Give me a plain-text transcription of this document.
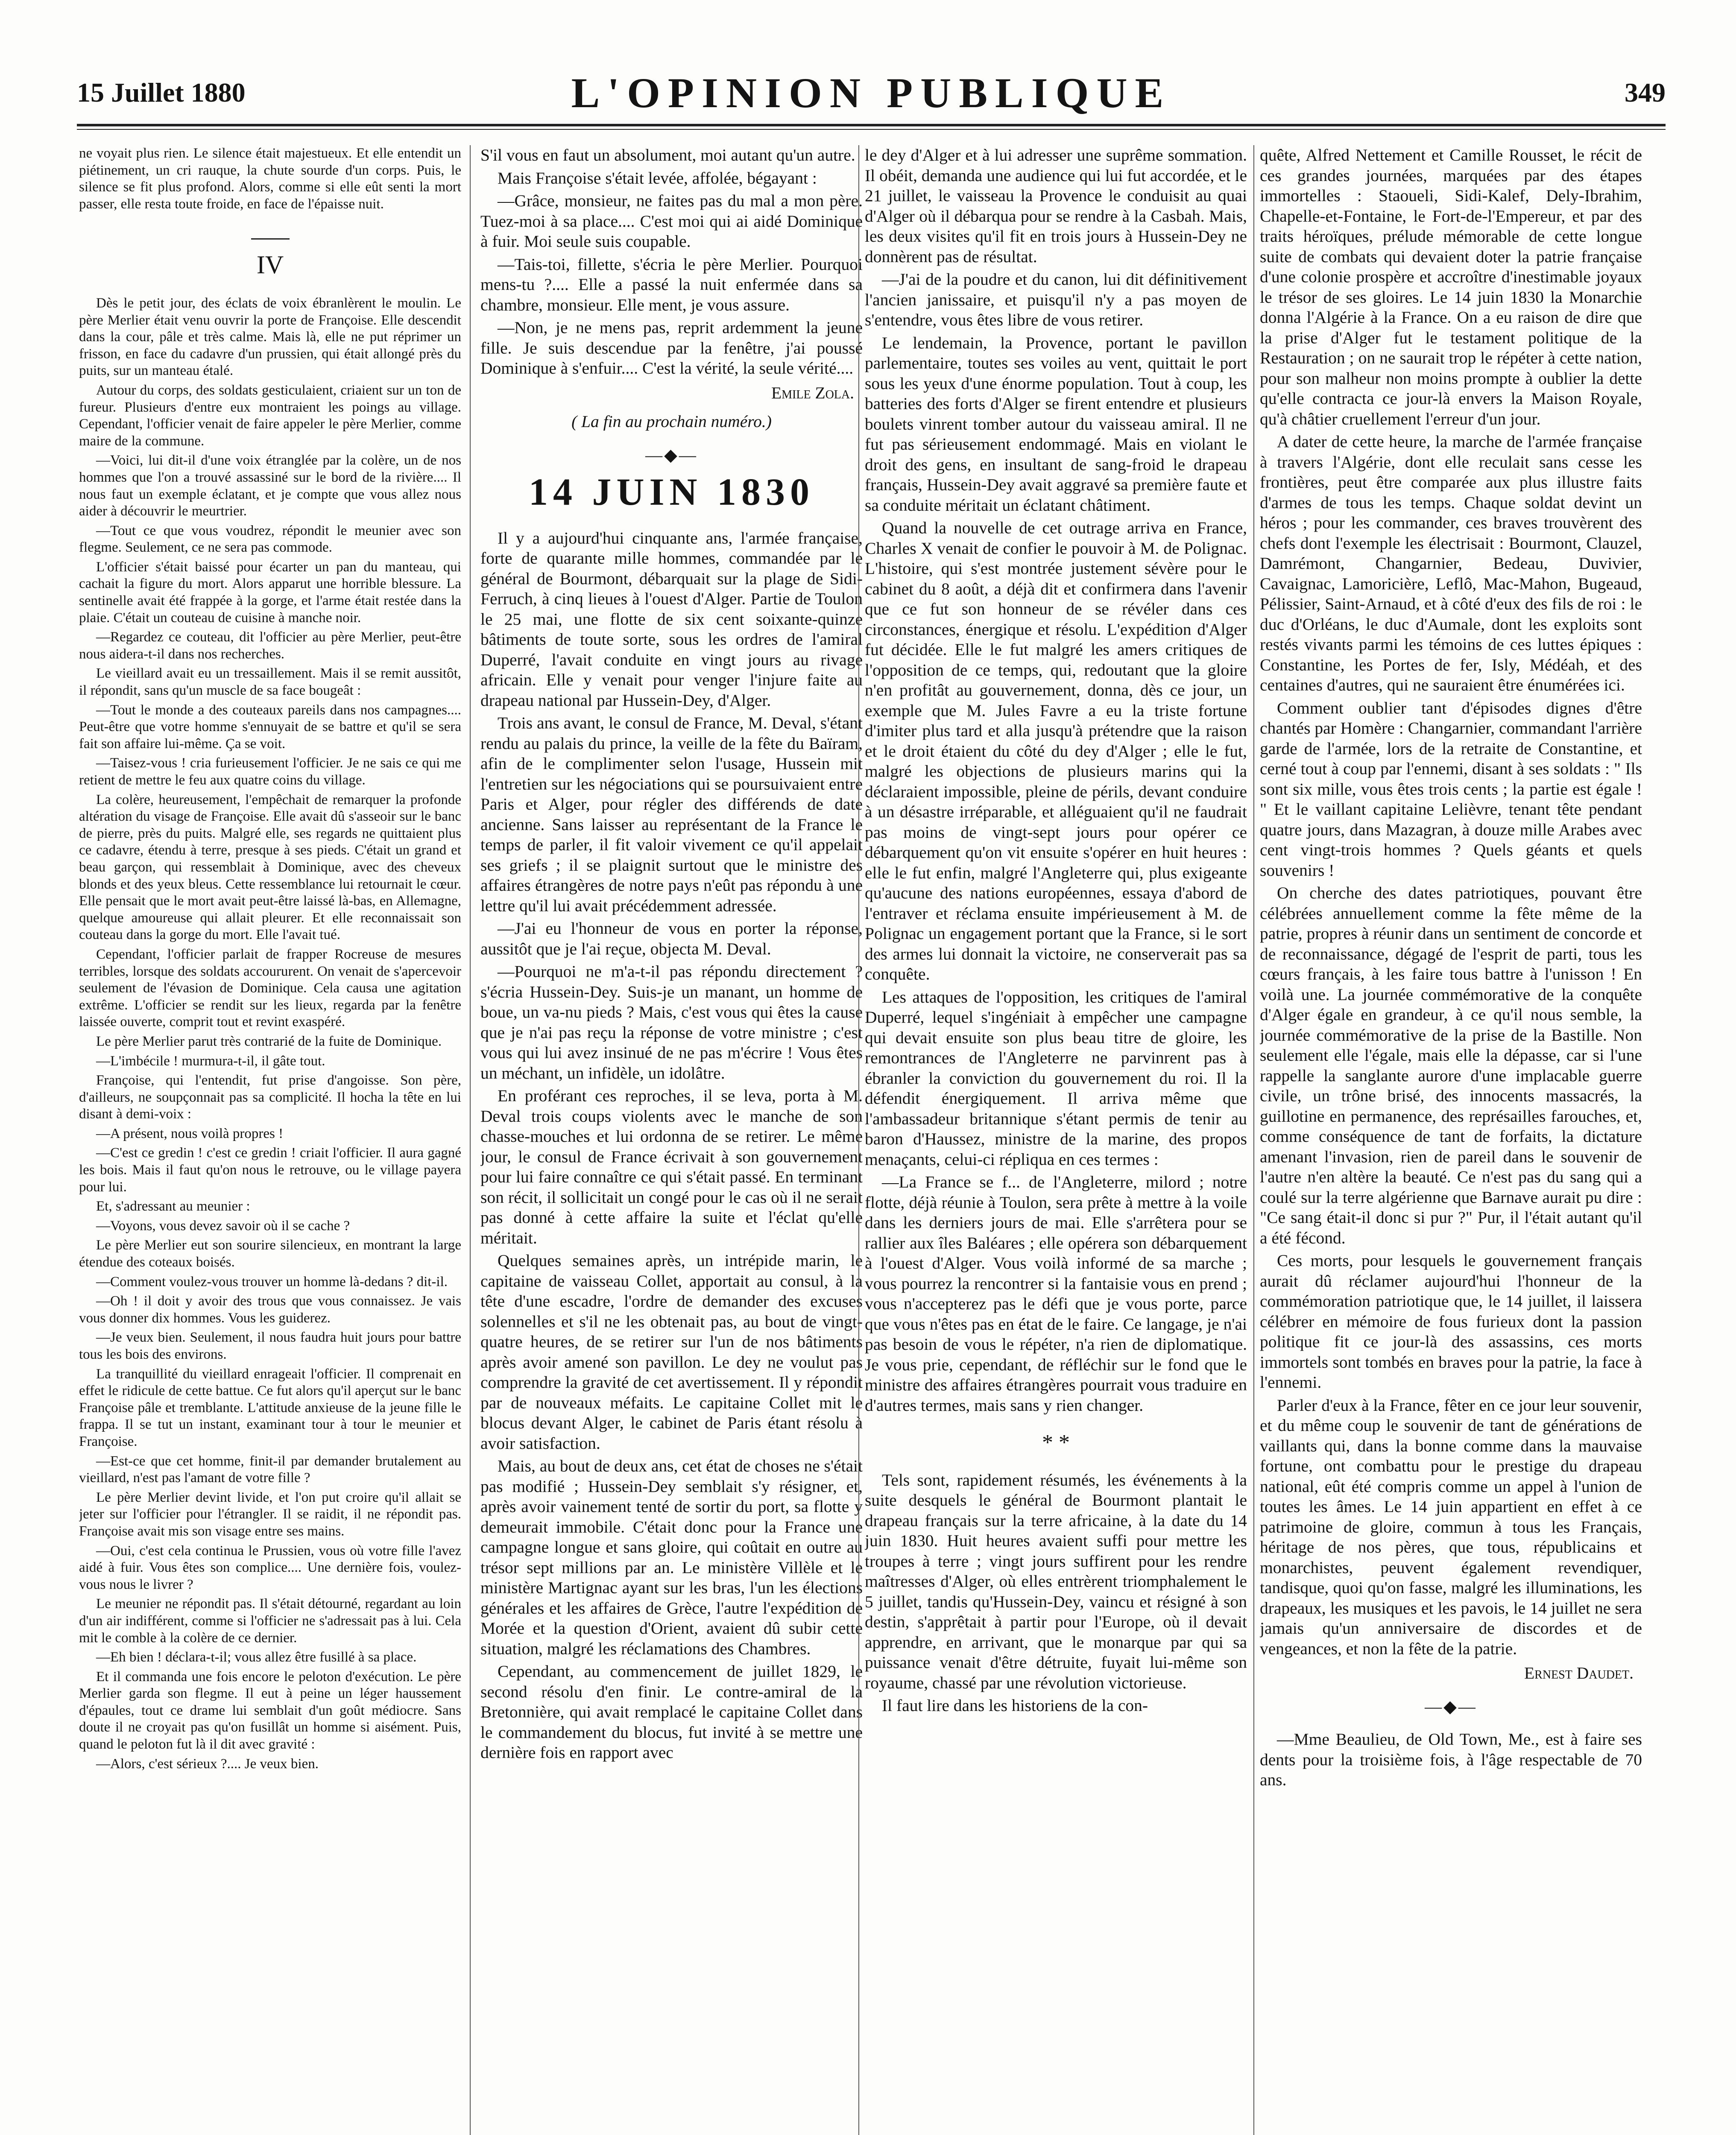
15 Juillet 1880	L'OPINION PUBLIQUE	349

ne voyait plus rien. Le silence était majestueux. Et elle entendit un piétinement, un cri rauque, la chute sourde d'un corps. Puis, le silence se fit plus profond. Alors, comme si elle eût senti la mort passer, elle resta toute froide, en face de l'épaisse nuit.

IV

Dès le petit jour, des éclats de voix ébranlèrent le moulin. Le père Merlier était venu ouvrir la porte de Françoise. Elle descendit dans la cour, pâle et très calme. Mais là, elle ne put réprimer un frisson, en face du cadavre d'un prussien, qui était allongé près du puits, sur un manteau étalé.

Autour du corps, des soldats gesticulaient, criaient sur un ton de fureur. Plusieurs d'entre eux montraient les poings au village. Cependant, l'officier venait de faire appeler le père Merlier, comme maire de la commune.

—Voici, lui dit-il d'une voix étranglée par la colère, un de nos hommes que l'on a trouvé assassiné sur le bord de la rivière.... Il nous faut un exemple éclatant, et je compte que vous allez nous aider à découvrir le meurtrier.

—Tout ce que vous voudrez, répondit le meunier avec son flegme. Seulement, ce ne sera pas commode.

L'officier s'était baissé pour écarter un pan du manteau, qui cachait la figure du mort. Alors apparut une horrible blessure. La sentinelle avait été frappée à la gorge, et l'arme était restée dans la plaie. C'était un couteau de cuisine à manche noir.

—Regardez ce couteau, dit l'officier au père Merlier, peut-être nous aidera-t-il dans nos recherches.

Le vieillard avait eu un tressaillement. Mais il se remit aussitôt, il répondit, sans qu'un muscle de sa face bougeât :

—Tout le monde a des couteaux pareils dans nos campagnes.... Peut-être que votre homme s'ennuyait de se battre et qu'il se sera fait son affaire lui-même. Ça se voit.

—Taisez-vous ! cria furieusement l'officier. Je ne sais ce qui me retient de mettre le feu aux quatre coins du village.

La colère, heureusement, l'empêchait de remarquer la profonde altération du visage de Françoise. Elle avait dû s'asseoir sur le banc de pierre, près du puits. Malgré elle, ses regards ne quittaient plus ce cadavre, étendu à terre, presque à ses pieds. C'était un grand et beau garçon, qui ressemblait à Dominique, avec des cheveux blonds et des yeux bleus. Cette ressemblance lui retournait le cœur. Elle pensait que le mort avait peut-être laissé là-bas, en Allemagne, quelque amoureuse qui allait pleurer. Et elle reconnaissait son couteau dans la gorge du mort. Elle l'avait tué.

Cependant, l'officier parlait de frapper Rocreuse de mesures terribles, lorsque des soldats accoururent. On venait de s'apercevoir seulement de l'évasion de Dominique. Cela causa une agitation extrême. L'officier se rendit sur les lieux, regarda par la fenêtre laissée ouverte, comprit tout et revint exaspéré.

Le père Merlier parut très contrarié de la fuite de Dominique.

—L'imbécile ! murmura-t-il, il gâte tout.

Françoise, qui l'entendit, fut prise d'angoisse. Son père, d'ailleurs, ne soupçonnait pas sa complicité. Il hocha la tête en lui disant à demi-voix :

—A présent, nous voilà propres !

—C'est ce gredin ! c'est ce gredin ! criait l'officier. Il aura gagné les bois. Mais il faut qu'on nous le retrouve, ou le village payera pour lui.

Et, s'adressant au meunier :

—Voyons, vous devez savoir où il se cache ?

Le père Merlier eut son sourire silencieux, en montrant la large étendue des coteaux boisés.

—Comment voulez-vous trouver un homme là-dedans ? dit-il.

—Oh ! il doit y avoir des trous que vous connaissez. Je vais vous donner dix hommes. Vous les guiderez.

—Je veux bien. Seulement, il nous faudra huit jours pour battre tous les bois des environs.

La tranquillité du vieillard enrageait l'officier. Il comprenait en effet le ridicule de cette battue. Ce fut alors qu'il aperçut sur le banc Françoise pâle et tremblante. L'attitude anxieuse de la jeune fille le frappa. Il se tut un instant, examinant tour à tour le meunier et Françoise.

—Est-ce que cet homme, finit-il par demander brutalement au vieillard, n'est pas l'amant de votre fille ?

Le père Merlier devint livide, et l'on put croire qu'il allait se jeter sur l'officier pour l'étrangler. Il se raidit, il ne répondit pas. Françoise avait mis son visage entre ses mains.

—Oui, c'est cela continua le Prussien, vous où votre fille l'avez aidé à fuir. Vous êtes son complice.... Une dernière fois, voulez-vous nous le livrer ?

Le meunier ne répondit pas. Il s'était détourné, regardant au loin d'un air indifférent, comme si l'officier ne s'adressait pas à lui. Cela mit le comble à la colère de ce dernier.

—Eh bien ! déclara-t-il; vous allez être fusillé à sa place.

Et il commanda une fois encore le peloton d'exécution. Le père Merlier garda son flegme. Il eut à peine un léger haussement d'épaules, tout ce drame lui semblait d'un goût médiocre. Sans doute il ne croyait pas qu'on fusillât un homme si aisément. Puis, quand le peloton fut là il dit avec gravité :

—Alors, c'est sérieux ?.... Je veux bien.

S'il vous en faut un absolument, moi autant qu'un autre.

Mais Françoise s'était levée, affolée, bégayant :

—Grâce, monsieur, ne faites pas du mal a mon père. Tuez-moi à sa place.... C'est moi qui ai aidé Dominique à fuir. Moi seule suis coupable.

—Tais-toi, fillette, s'écria le père Merlier. Pourquoi mens-tu ?.... Elle a passé la nuit enfermée dans sa chambre, monsieur. Elle ment, je vous assure.

—Non, je ne mens pas, reprit ardemment la jeune fille. Je suis descendue par la fenêtre, j'ai poussé Dominique à s'enfuir.... C'est la vérité, la seule vérité....

Emile Zola.
( La fin au prochain numéro.)
—◆—
14 JUIN 1830

Il y a aujourd'hui cinquante ans, l'armée française, forte de quarante mille hommes, commandée par le général de Bourmont, débarquait sur la plage de Sidi-Ferruch, à cinq lieues à l'ouest d'Alger. Partie de Toulon le 25 mai, une flotte de six cent soixante-quinze bâtiments de toute sorte, sous les ordres de l'amiral Duperré, l'avait conduite en vingt jours au rivage africain. Elle y venait pour venger l'injure faite au drapeau national par Hussein-Dey, d'Alger.

Trois ans avant, le consul de France, M. Deval, s'étant rendu au palais du prince, la veille de la fête du Baïram, afin de le complimenter selon l'usage, Hussein mit l'entretien sur les négociations qui se poursuivaient entre Paris et Alger, pour régler des différends de date ancienne. Sans laisser au représentant de la France le temps de parler, il fit valoir vivement ce qu'il appelait ses griefs ; il se plaignit surtout que le ministre des affaires étrangères de notre pays n'eût pas répondu à une lettre qu'il lui avait précédemment adressée.

—J'ai eu l'honneur de vous en porter la réponse, aussitôt que je l'ai reçue, objecta M. Deval.

—Pourquoi ne m'a-t-il pas répondu directement ? s'écria Hussein-Dey. Suis-je un manant, un homme de boue, un va-nu pieds ? Mais, c'est vous qui êtes la cause que je n'ai pas reçu la réponse de votre ministre ; c'est vous qui lui avez insinué de ne pas m'écrire ! Vous êtes un méchant, un infidèle, un idolâtre.

En proférant ces reproches, il se leva, porta à M. Deval trois coups violents avec le manche de son chasse-mouches et lui ordonna de se retirer. Le même jour, le consul de France écrivait à son gouvernement pour lui faire connaître ce qui s'était passé. En terminant son récit, il sollicitait un congé pour le cas où il ne serait pas donné à cette affaire la suite et l'éclat qu'elle méritait.

Quelques semaines après, un intrépide marin, le capitaine de vaisseau Collet, apportait au consul, à la tête d'une escadre, l'ordre de demander des excuses solennelles et s'il ne les obtenait pas, au bout de vingt-quatre heures, de se retirer sur l'un de nos bâtiments après avoir amené son pavillon. Le dey ne voulut pas comprendre la gravité de cet avertissement. Il y répondit par de nouveaux méfaits. Le capitaine Collet mit le blocus devant Alger, le cabinet de Paris étant résolu à avoir satisfaction.

Mais, au bout de deux ans, cet état de choses ne s'était pas modifié ; Hussein-Dey semblait s'y résigner, et, après avoir vainement tenté de sortir du port, sa flotte y demeurait immobile. C'était donc pour la France une campagne longue et sans gloire, qui coûtait en outre au trésor sept millions par an. Le ministère Villèle et le ministère Martignac ayant sur les bras, l'un les élections générales et les affaires de Grèce, l'autre l'expédition de Morée et la question d'Orient, avaient dû subir cette situation, malgré les réclamations des Chambres.

Cependant, au commencement de juillet 1829, le second résolu d'en finir. Le contre-amiral de la Bretonnière, qui avait remplacé le capitaine Collet dans le commandement du blocus, fut invité à se mettre une dernière fois en rapport avec

le dey d'Alger et à lui adresser une suprême sommation. Il obéit, demanda une audience qui lui fut accordée, et le 21 juillet, le vaisseau la Provence le conduisit au quai d'Alger où il débarqua pour se rendre à la Casbah. Mais, les deux visites qu'il fit en trois jours à Hussein-Dey ne donnèrent pas de résultat.

—J'ai de la poudre et du canon, lui dit définitivement l'ancien janissaire, et puisqu'il n'y a pas moyen de s'entendre, vous êtes libre de vous retirer.

Le lendemain, la Provence, portant le pavillon parlementaire, toutes ses voiles au vent, quittait le port sous les yeux d'une énorme population. Tout à coup, les batteries des forts d'Alger se firent entendre et plusieurs boulets vinrent tomber autour du vaisseau amiral. Il ne fut pas sérieusement endommagé. Mais en violant le droit des gens, en insultant de sang-froid le drapeau français, Hussein-Dey avait aggravé sa première faute et sa conduite méritait un éclatant châtiment.

Quand la nouvelle de cet outrage arriva en France, Charles X venait de confier le pouvoir à M. de Polignac. L'histoire, qui s'est montrée justement sévère pour le cabinet du 8 août, a déjà dit et confirmera dans l'avenir que ce fut son honneur de se révéler dans ces circonstances, énergique et résolu. L'expédition d'Alger fut décidée. Elle le fut malgré les amers critiques de l'opposition de ce temps, qui, redoutant que la gloire n'en profitât au gouvernement, donna, dès ce jour, un exemple que M. Jules Favre a eu la triste fortune d'imiter plus tard et alla jusqu'à prétendre que la raison et le droit étaient du côté du dey d'Alger ; elle le fut, malgré les objections de plusieurs marins qui la déclaraient impossible, pleine de périls, devant conduire à un désastre irréparable, et alléguaient qu'il ne faudrait pas moins de vingt-sept jours pour opérer ce débarquement qu'on vit ensuite s'opérer en huit heures : elle le fut enfin, malgré l'Angleterre qui, plus exigeante qu'aucune des nations européennes, essaya d'abord de l'entraver et réclama ensuite impérieusement à M. de Polignac un engagement portant que la France, si le sort des armes lui donnait la victoire, ne conserverait pas sa conquête.

Les attaques de l'opposition, les critiques de l'amiral Duperré, lequel s'ingéniait à empêcher une campagne qui devait ensuite son plus beau titre de gloire, les remontrances de l'Angleterre ne parvinrent pas à ébranler la conviction du gouvernement du roi. Il la défendit énergiquement. Il arriva même que l'ambassadeur britannique s'étant permis de tenir au baron d'Haussez, ministre de la marine, des propos menaçants, celui-ci répliqua en ces termes :

—La France se f... de l'Angleterre, milord ; notre flotte, déjà réunie à Toulon, sera prête à mettre à la voile dans les derniers jours de mai. Elle s'arrêtera pour se rallier aux îles Baléares ; elle opérera son débarquement à l'ouest d'Alger. Vous voilà informé de sa marche ; vous pourrez la rencontrer si la fantaisie vous en prend ; vous n'accepterez pas le défi que je vous porte, parce que vous n'êtes pas en état de le faire. Ce langage, je n'ai pas besoin de vous le répéter, n'a rien de diplomatique. Je vous prie, cependant, de réfléchir sur le fond que le ministre des affaires étrangères pourrait vous traduire en d'autres termes, mais sans y rien changer.

* *

Tels sont, rapidement résumés, les événements à la suite desquels le général de Bourmont plantait le drapeau français sur la terre africaine, à la date du 14 juin 1830. Huit heures avaient suffi pour mettre les troupes à terre ; vingt jours suffirent pour les rendre maîtresses d'Alger, où elles entrèrent triomphalement le 5 juillet, tandis qu'Hussein-Dey, vaincu et résigné à son destin, s'apprêtait à partir pour l'Europe, où il devait apprendre, en arrivant, que le monarque par qui sa puissance venait d'être détruite, fuyait lui-même son royaume, chassé par une révolution victorieuse.

Il faut lire dans les historiens de la con-

quête, Alfred Nettement et Camille Rousset, le récit de ces grandes journées, marquées par des étapes immortelles : Staoueli, Sidi-Kalef, Dely-Ibrahim, Chapelle-et-Fontaine, le Fort-de-l'Empereur, et par des traits héroïques, prélude mémorable de cette longue suite de combats qui devaient doter la patrie française d'une colonie prospère et accroître d'inestimable joyaux le trésor de ses gloires. Le 14 juin 1830 la Monarchie donna l'Algérie à la France. On a eu raison de dire que la prise d'Alger fut le testament politique de la Restauration ; on ne saurait trop le répéter à cette nation, pour son malheur non moins prompte à oublier la dette qu'elle contracta ce jour-là envers la Maison Royale, qu'à châtier cruellement l'erreur d'un jour.

A dater de cette heure, la marche de l'armée française à travers l'Algérie, dont elle reculait sans cesse les frontières, peut être comparée aux plus illustre faits d'armes de tous les temps. Chaque soldat devint un héros ; pour les commander, ces braves trouvèrent des chefs dont l'exemple les électrisait : Bourmont, Clauzel, Damrémont, Changarnier, Bedeau, Duvivier, Cavaignac, Lamoricière, Leflô, Mac-Mahon, Bugeaud, Pélissier, Saint-Arnaud, et à côté d'eux des fils de roi : le duc d'Orléans, le duc d'Aumale, dont les exploits sont restés vivants parmi les témoins de ces luttes épiques : Constantine, les Portes de fer, Isly, Médéah, et des centaines d'autres, qui ne sauraient être énumérées ici.

Comment oublier tant d'épisodes dignes d'être chantés par Homère : Changarnier, commandant l'arrière garde de l'armée, lors de la retraite de Constantine, et cerné tout à coup par l'ennemi, disant à ses soldats : " Ils sont six mille, vous êtes trois cents ; la partie est égale ! " Et le vaillant capitaine Lelièvre, tenant tête pendant quatre jours, dans Mazagran, à douze mille Arabes avec cent vingt-trois hommes ? Quels géants et quels souvenirs !

On cherche des dates patriotiques, pouvant être célébrées annuellement comme la fête même de la patrie, propres à réunir dans un sentiment de concorde et de reconnaissance, dégagé de l'esprit de parti, tous les cœurs français, à les faire tous battre à l'unisson ! En voilà une. La journée commémorative de la conquête d'Alger égale en grandeur, à ce qu'il nous semble, la journée commémorative de la prise de la Bastille. Non seulement elle l'égale, mais elle la dépasse, car si l'une rappelle la sanglante aurore d'une implacable guerre civile, un trône brisé, des innocents massacrés, la guillotine en permanence, des représailles farouches, et, comme conséquence de tant de forfaits, la dictature amenant l'invasion, rien de pareil dans le souvenir de l'autre n'en altère la beauté. Ce n'est pas du sang qui a coulé sur la terre algérienne que Barnave aurait pu dire : "Ce sang était-il donc si pur ?" Pur, il l'était autant qu'il a été fécond.

Ces morts, pour lesquels le gouvernement français aurait dû réclamer aujourd'hui l'honneur de la commémoration patriotique que, le 14 juillet, il laissera célébrer en mémoire de fous furieux dont la passion politique fit ce jour-là des assassins, ces morts immortels sont tombés en braves pour la patrie, la face à l'ennemi.

Parler d'eux à la France, fêter en ce jour leur souvenir, et du même coup le souvenir de tant de générations de vaillants qui, dans la bonne comme dans la mauvaise fortune, ont combattu pour le prestige du drapeau national, eût été compris comme un appel à l'union de toutes les âmes. Le 14 juin appartient en effet à ce patrimoine de gloire, commun à tous les Français, héritage de nos pères, que tous, républicains et monarchistes, peuvent également revendiquer, tandisque, quoi qu'on fasse, malgré les illuminations, les drapeaux, les musiques et les pavois, le 14 juillet ne sera jamais qu'un anniversaire de discordes et de vengeances, et non la fête de la patrie.

Ernest Daudet.
—◆—

—Mme Beaulieu, de Old Town, Me., est à faire ses dents pour la troisième fois, à l'âge respectable de 70 ans.
